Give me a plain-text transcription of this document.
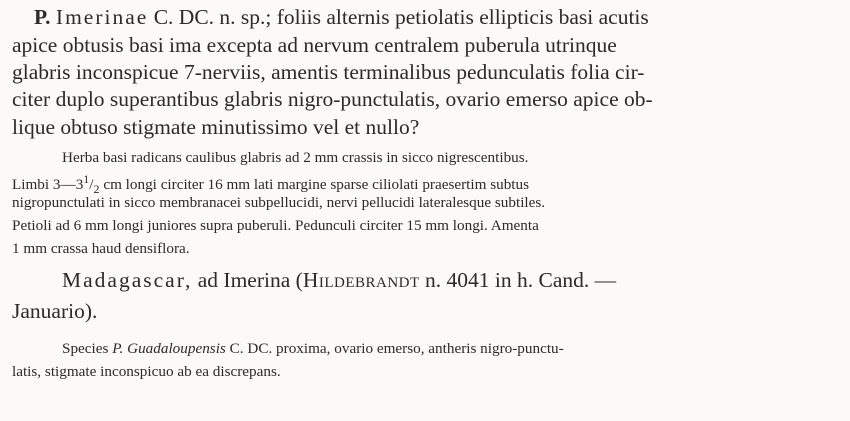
P. Imerinae C. DC. n. sp.; foliis alternis petiolatis ellipticis basi acutis
apice obtusis basi ima excepta ad nervum centralem puberula utrinque
glabris inconspicue 7-nerviis, amentis terminalibus pedunculatis folia cir-
citer duplo superantibus glabris nigro-punctulatis, ovario emerso apice ob-
lique obtuso stigmate minutissimo vel et nullo?
Herba basi radicans caulibus glabris ad 2 mm crassis in sicco nigrescentibus.
Limbi $3—3^1/_2$ cm longi circiter 16 mm lati margine sparse ciliolati praesertim subtus
nigropunctulati in sicco membranacei subpellucidi, nervi pellucidi lateralesque subtiles.
Petioli ad 6 mm longi juniores supra puberuli. Pedunculi circiter 15 mm longi. Amenta
1 mm crassa haud densiflora.
Madagascar, ad Imerina (Hildebrandt n. 4041 in h. Cand. —
Januario).
Species P. Guadaloupensis C. DC. proxima, ovario emerso, antheris nigro-punctu-
latis, stigmate inconspicuo ab ea discrepans.
